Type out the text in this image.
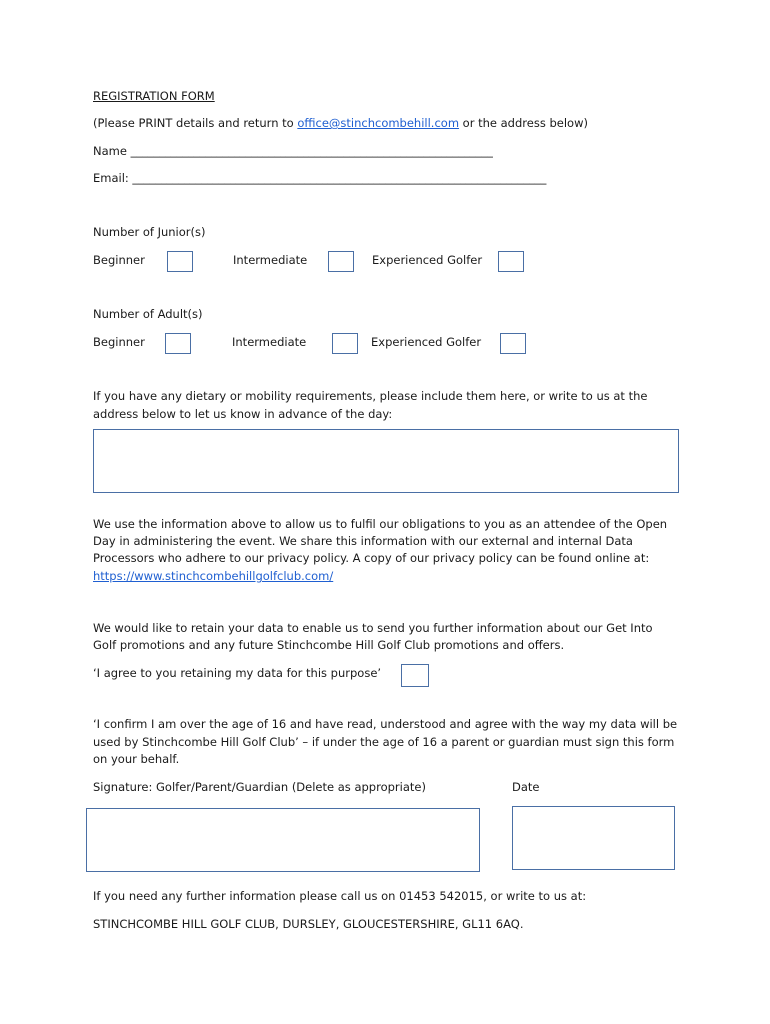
REGISTRATION FORM
(Please PRINT details and return to office@stinchcombehill.com or the address below)
Name _______________________________________________________________
Email: ________________________________________________________________________
Number of Junior(s)
Beginner	Intermediate	Experienced Golfer
Number of Adult(s)
Beginner	Intermediate	Experienced Golfer
If you have any dietary or mobility requirements, please include them here, or write to us at the
address below to let us know in advance of the day:
We use the information above to allow us to fulfil our obligations to you as an attendee of the Open
Day in administering the event. We share this information with our external and internal Data
Processors who adhere to our privacy policy. A copy of our privacy policy can be found online at:
https://www.stinchcombehillgolfclub.com/
We would like to retain your data to enable us to send you further information about our Get Into
Golf promotions and any future Stinchcombe Hill Golf Club promotions and offers.
‘I agree to you retaining my data for this purpose’
‘I confirm I am over the age of 16 and have read, understood and agree with the way my data will be
used by Stinchcombe Hill Golf Club’ – if under the age of 16 a parent or guardian must sign this form
on your behalf.
Signature: Golfer/Parent/Guardian (Delete as appropriate)	Date
If you need any further information please call us on 01453 542015, or write to us at:
STINCHCOMBE HILL GOLF CLUB, DURSLEY, GLOUCESTERSHIRE, GL11 6AQ.
